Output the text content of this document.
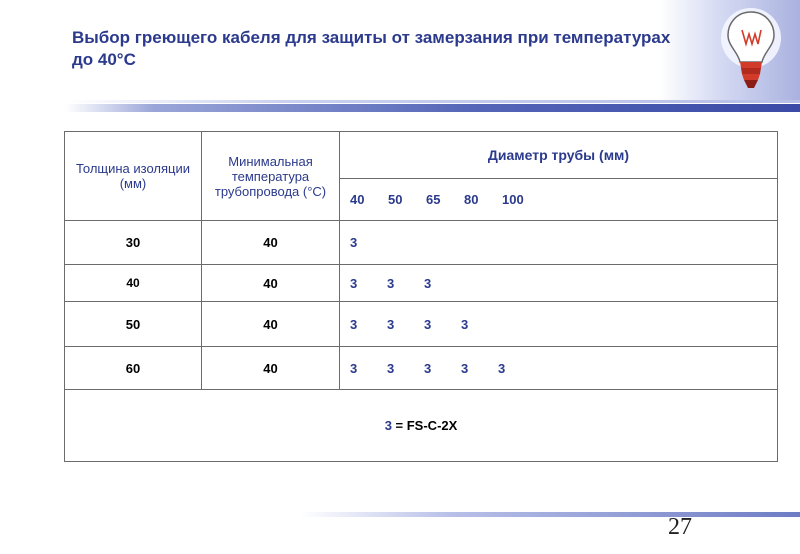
Выбор греющего кабеля для защиты от замерзания при температурах до 40°С
Толщина изоляции (мм)	Минимальная температура трубопровода (°С)	Диаметр трубы (мм)
		40 50 65 80 100
30	40	3
40	40	3 3 3
50	40	3 3 3 3
60	40	3 3 3 3 3
3 = FS-C-2X		
27
